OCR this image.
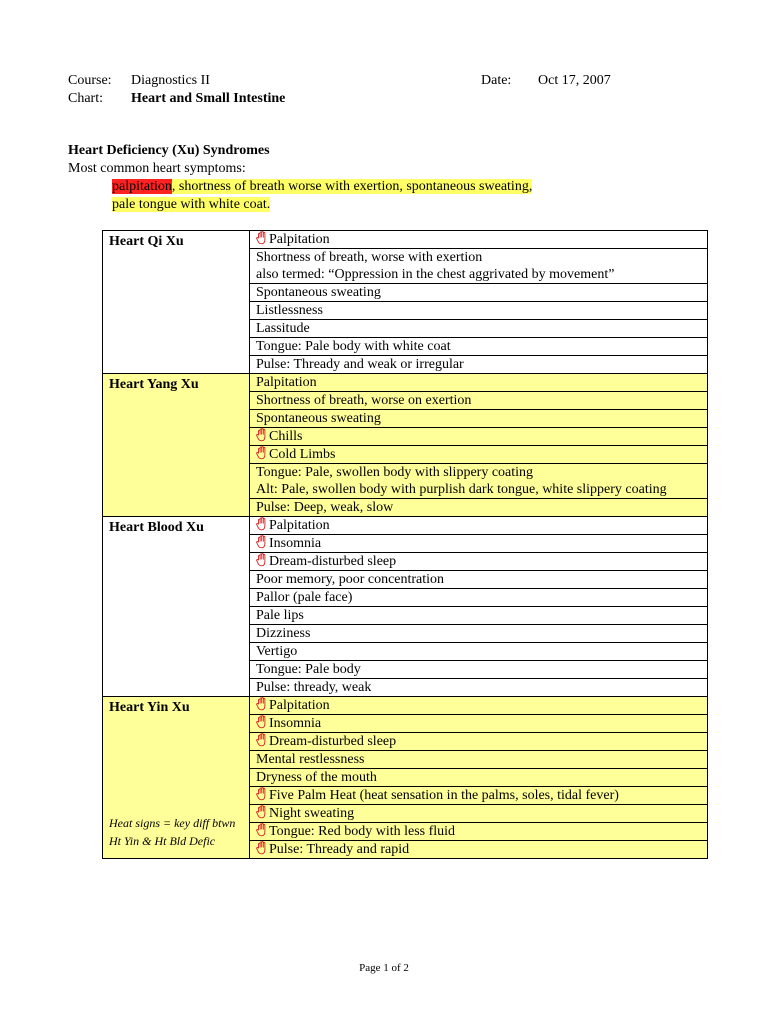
Course: Diagnostics II
Chart: Heart and Small Intestine
Date: Oct 17, 2007
Heart Deficiency (Xu) Syndromes
Most common heart symptoms:
palpitation, shortness of breath worse with exertion, spontaneous sweating,
pale tongue with white coat.
Heart Qi Xu	Palpitation

	Shortness of breath, worse with exertion
also termed: “Oppression in the chest aggrivated by movement”

	Spontaneous sweating

	Listlessness

	Lassitude

	Tongue: Pale body with white coat

	Pulse: Thready and weak or irregular

Heart Yang Xu	Palpitation

	Shortness of breath, worse on exertion

	Spontaneous sweating

	Chills

	Cold Limbs

	Tongue: Pale, swollen body with slippery coating
Alt: Pale, swollen body with purplish dark tongue, white slippery coating

	Pulse: Deep, weak, slow

Heart Blood Xu	Palpitation

	Insomnia

	Dream-disturbed sleep

	Poor memory, poor concentration

	Pallor (pale face)

	Pale lips

	Dizziness

	Vertigo

	Tongue: Pale body

	Pulse: thready, weak

Heart Yin Xu
Heat signs = key diff btwn
Ht Yin & Ht Bld Defic	Palpitation

	Insomnia

	Dream-disturbed sleep

	Mental restlessness

	Dryness of the mouth

	Five Palm Heat (heat sensation in the palms, soles, tidal fever)

	Night sweating

	Tongue: Red body with less fluid

	Pulse: Thready and rapid
Page 1 of 2
